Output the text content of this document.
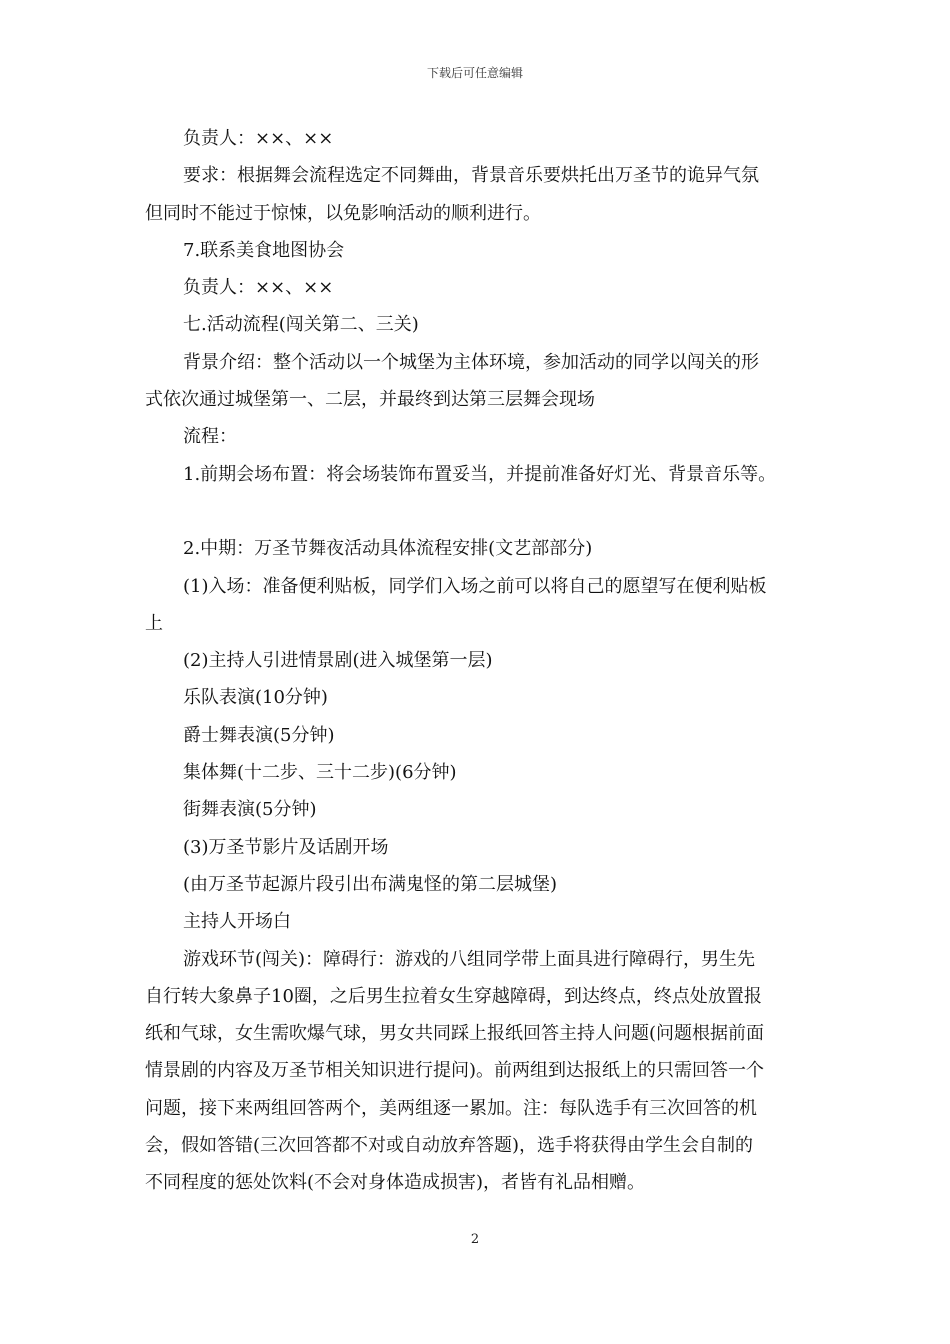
下载后可任意编辑
负责人：××、××
要求：根据舞会流程选定不同舞曲，背景音乐要烘托出万圣节的诡异气氛
但同时不能过于惊悚，以免影响活动的顺利进行。
7.联系美食地图协会
负责人：××、××
七.活动流程(闯关第二、三关)
背景介绍：整个活动以一个城堡为主体环境，参加活动的同学以闯关的形
式依次通过城堡第一、二层，并最终到达第三层舞会现场
流程：
1.前期会场布置：将会场装饰布置妥当，并提前准备好灯光、背景音乐等。
2.中期：万圣节舞夜活动具体流程安排(文艺部部分)
(1)入场：准备便利贴板，同学们入场之前可以将自己的愿望写在便利贴板
上
(2)主持人引进情景剧(进入城堡第一层)
乐队表演(10分钟)
爵士舞表演(5分钟)
集体舞(十二步、三十二步)(6分钟)
街舞表演(5分钟)
(3)万圣节影片及话剧开场
(由万圣节起源片段引出布满鬼怪的第二层城堡)
主持人开场白
游戏环节(闯关)：障碍行：游戏的八组同学带上面具进行障碍行，男生先
自行转大象鼻子10圈，之后男生拉着女生穿越障碍，到达终点，终点处放置报
纸和气球，女生需吹爆气球，男女共同踩上报纸回答主持人问题(问题根据前面
情景剧的内容及万圣节相关知识进行提问)。前两组到达报纸上的只需回答一个
问题，接下来两组回答两个，美两组逐一累加。注：每队选手有三次回答的机
会，假如答错(三次回答都不对或自动放弃答题)，选手将获得由学生会自制的
不同程度的惩处饮料(不会对身体造成损害)，者皆有礼品相赠。
2
